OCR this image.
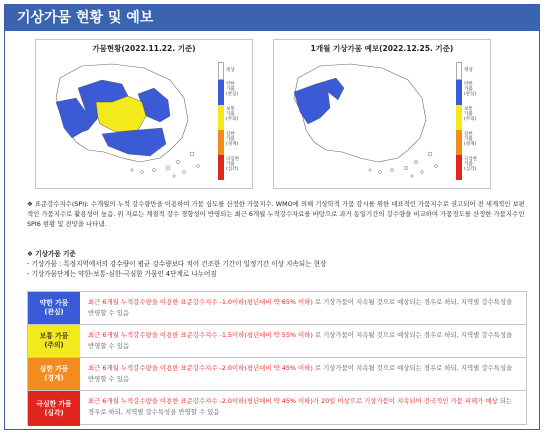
기상가뭄 현황 및 예보
가뭄현황(2022.11.22. 기준)
정상
약한
가뭄
(관심)
보통
가뭄
(주의)
심한
가뭄
(경계)
극심한
가뭄
(심각)
1개월 기상가뭄 예보(2022.12.25. 기준)
정상
약한
가뭄
(관심)
보통
가뭄
(주의)
심한
가뭄
(경계)
극심한
가뭄
(심각)
❖ 표준강수지수(SPI): 수개월의 누적 강수량만을 이용하여 가뭄 심도를 산정한 가뭄지수. WMO에 의해 기상학적 가뭄 감시를 위한 대표적인 가뭄지수로 권고되어 전 세계적인 보편적인 가뭄지수로 활용성이 높음. 위 자료는 계절적 강수 경향성이 반영되는 최근 6개월 누적강수자료를 바탕으로 과거 동일기간의 강수량을 비교하여 가뭄정도를 산정한 가뭄지수인 SPI6 현황 및 전망을 나타냄.
❖ 기상가뭄 기준
- 기상가뭄 : 특정지역에서의 강수량이 평균 강수량보다 적어 건조한 기간이 일정기간 이상 지속되는 현상
- 기상가뭄단계는 약한-보통-심한-극심한 가뭄인 4단계로 나누어짐
약한 가뭄
(관심)
최근 6개월 누적강수량을 이용한 표준강수지수 -1.0이하(평년대비 약 65% 이하) 로 기상가뭄이 지속될 것으로 예상되는 경우로 하되, 지역별 강수특성을 반영할 수 있음
보통 가뭄
(주의)
최근 6개월 누적강수량을 이용한 표준강수지수 -1.5이하(평년대비 약 55% 이하) 로 기상가뭄이 지속될 것으로 예상되는 경우로 하되, 지역별 강수특성을 반영할 수 있음
심한 가뭄
(경계)
최근 6개월 누적강수량을 이용한 표준강수지수 -2.0이하(평년대비 약 45% 이하) 로 기상가뭄이 지속될 것으로 예상되는 경우로 하되, 지역별 강수특성을 반영할 수 있음
극심한 가뭄
(심각)
최근 6개월 누적강수량을 이용한 표준강수지수 -2.0이하(평년대비 약 45% 이하)가 20일 이상으로 기상가뭄이 지속되어 전국적인 가뭄 피해가 예상 되는 경우로 하되, 지역별 강수특성을 반영할 수 있음
